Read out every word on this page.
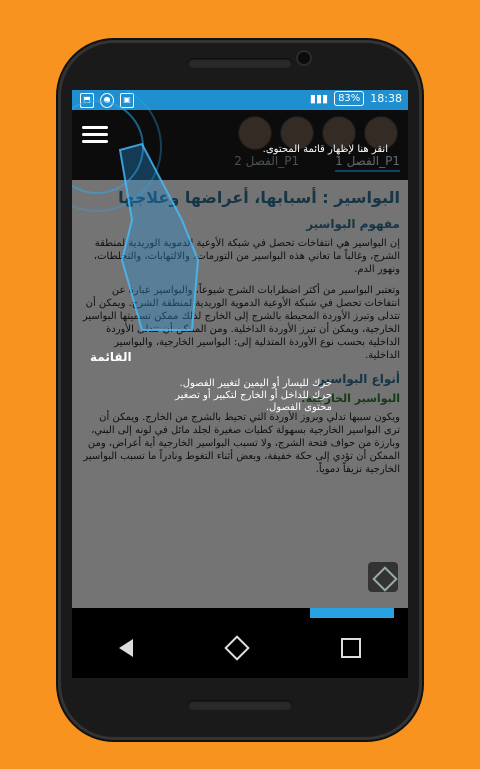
⬒	●	▣	▮▮▮	83% 18:38

انقر هنا لإظهار قائمة المحتوى.
القائمة
حرك لليسار أو اليمين لتغيير الفصول.
حرك للداخل أو الخارج لتكبير أو تصغير محتوى الفصول.
